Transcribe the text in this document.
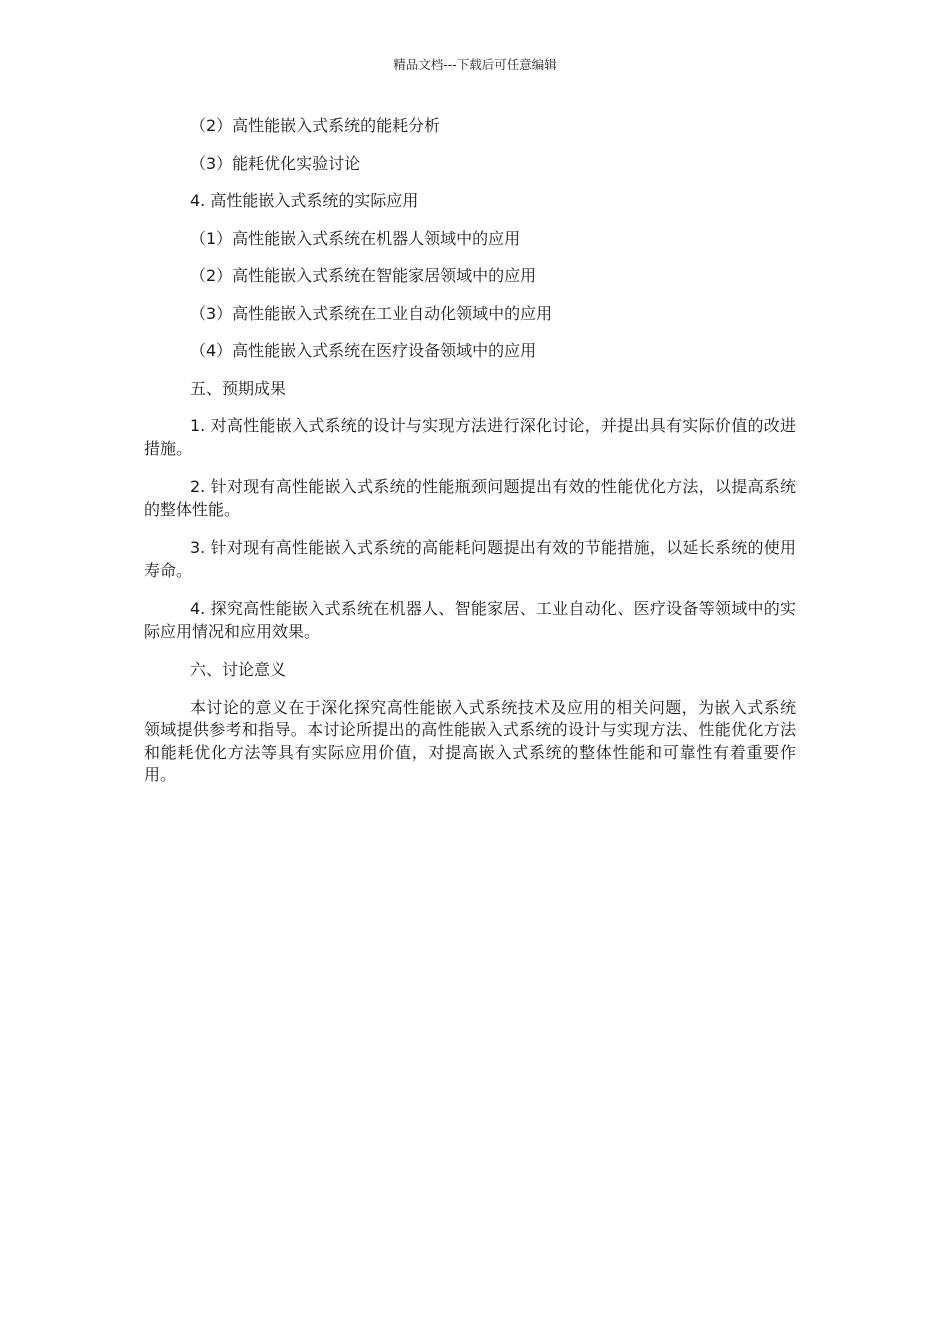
精品文档---下载后可任意编辑
（2）高性能嵌入式系统的能耗分析
（3）能耗优化实验讨论
4. 高性能嵌入式系统的实际应用
（1）高性能嵌入式系统在机器人领域中的应用
（2）高性能嵌入式系统在智能家居领域中的应用
（3）高性能嵌入式系统在工业自动化领域中的应用
（4）高性能嵌入式系统在医疗设备领域中的应用
五、预期成果

1. 对高性能嵌入式系统的设计与实现方法进行深化讨论，并提出具有实际价值的改进措施。

2. 针对现有高性能嵌入式系统的性能瓶颈问题提出有效的性能优化方法，以提高系统的整体性能。

3. 针对现有高性能嵌入式系统的高能耗问题提出有效的节能措施，以延长系统的使用寿命。

4. 探究高性能嵌入式系统在机器人、智能家居、工业自动化、医疗设备等领域中的实际应用情况和应用效果。

六、讨论意义

本讨论的意义在于深化探究高性能嵌入式系统技术及应用的相关问题，为嵌入式系统领域提供参考和指导。本讨论所提出的高性能嵌入式系统的设计与实现方法、性能优化方法和能耗优化方法等具有实际应用价值，对提高嵌入式系统的整体性能和可靠性有着重要作用。
